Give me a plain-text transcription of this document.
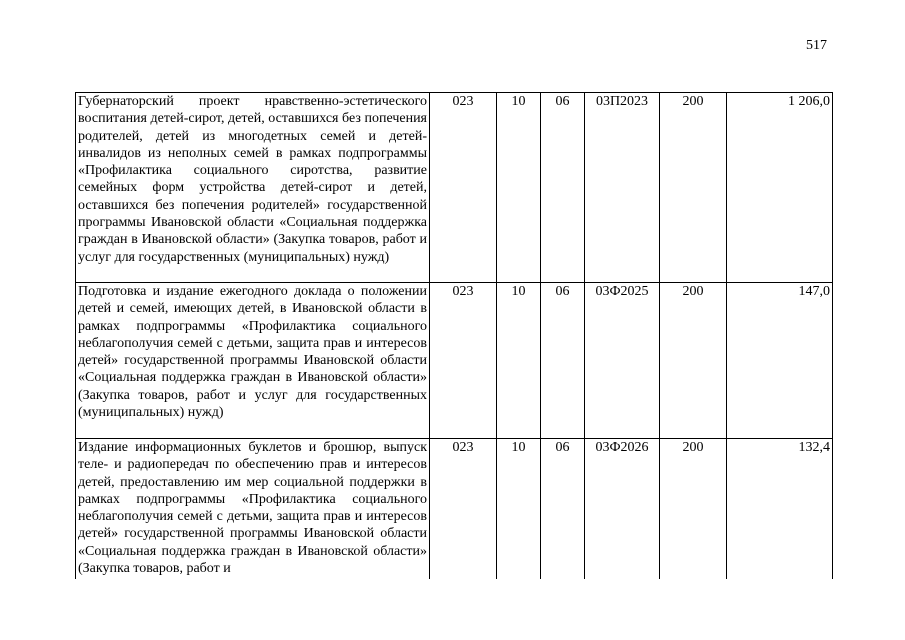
517
Губернаторский проект нравственно-эстетического воспитания детей-сирот, детей, оставшихся без попечения родителей, детей из многодетных семей и детей-инвалидов из неполных семей в рамках подпрограммы «Профилактика социального сиротства, развитие семейных форм устройства детей-сирот и детей, оставшихся без попечения родителей» государственной программы Ивановской области «Социальная поддержка граждан в Ивановской области» (Закупка товаров, работ и услуг для государственных (муниципальных) нужд)	023	10	06	03П2023	200	1 206,0
Подготовка и издание ежегодного доклада о положении детей и семей, имеющих детей, в Ивановской области в рамках подпрограммы «Профилактика социального неблагополучия семей с детьми, защита прав и интересов детей» государственной программы Ивановской области «Социальная поддержка граждан в Ивановской области» (Закупка товаров, работ и услуг для государственных (муниципальных) нужд)	023	10	06	03Ф2025	200	147,0
Издание информационных буклетов и брошюр, выпуск теле- и радиопередач по обеспечению прав и интересов детей, предоставлению им мер социальной поддержки в рамках подпрограммы «Профилактика социального неблагополучия семей с детьми, защита прав и интересов детей» государственной программы Ивановской области «Социальная поддержка граждан в Ивановской области» (Закупка товаров, работ и	023	10	06	03Ф2026	200	132,4
